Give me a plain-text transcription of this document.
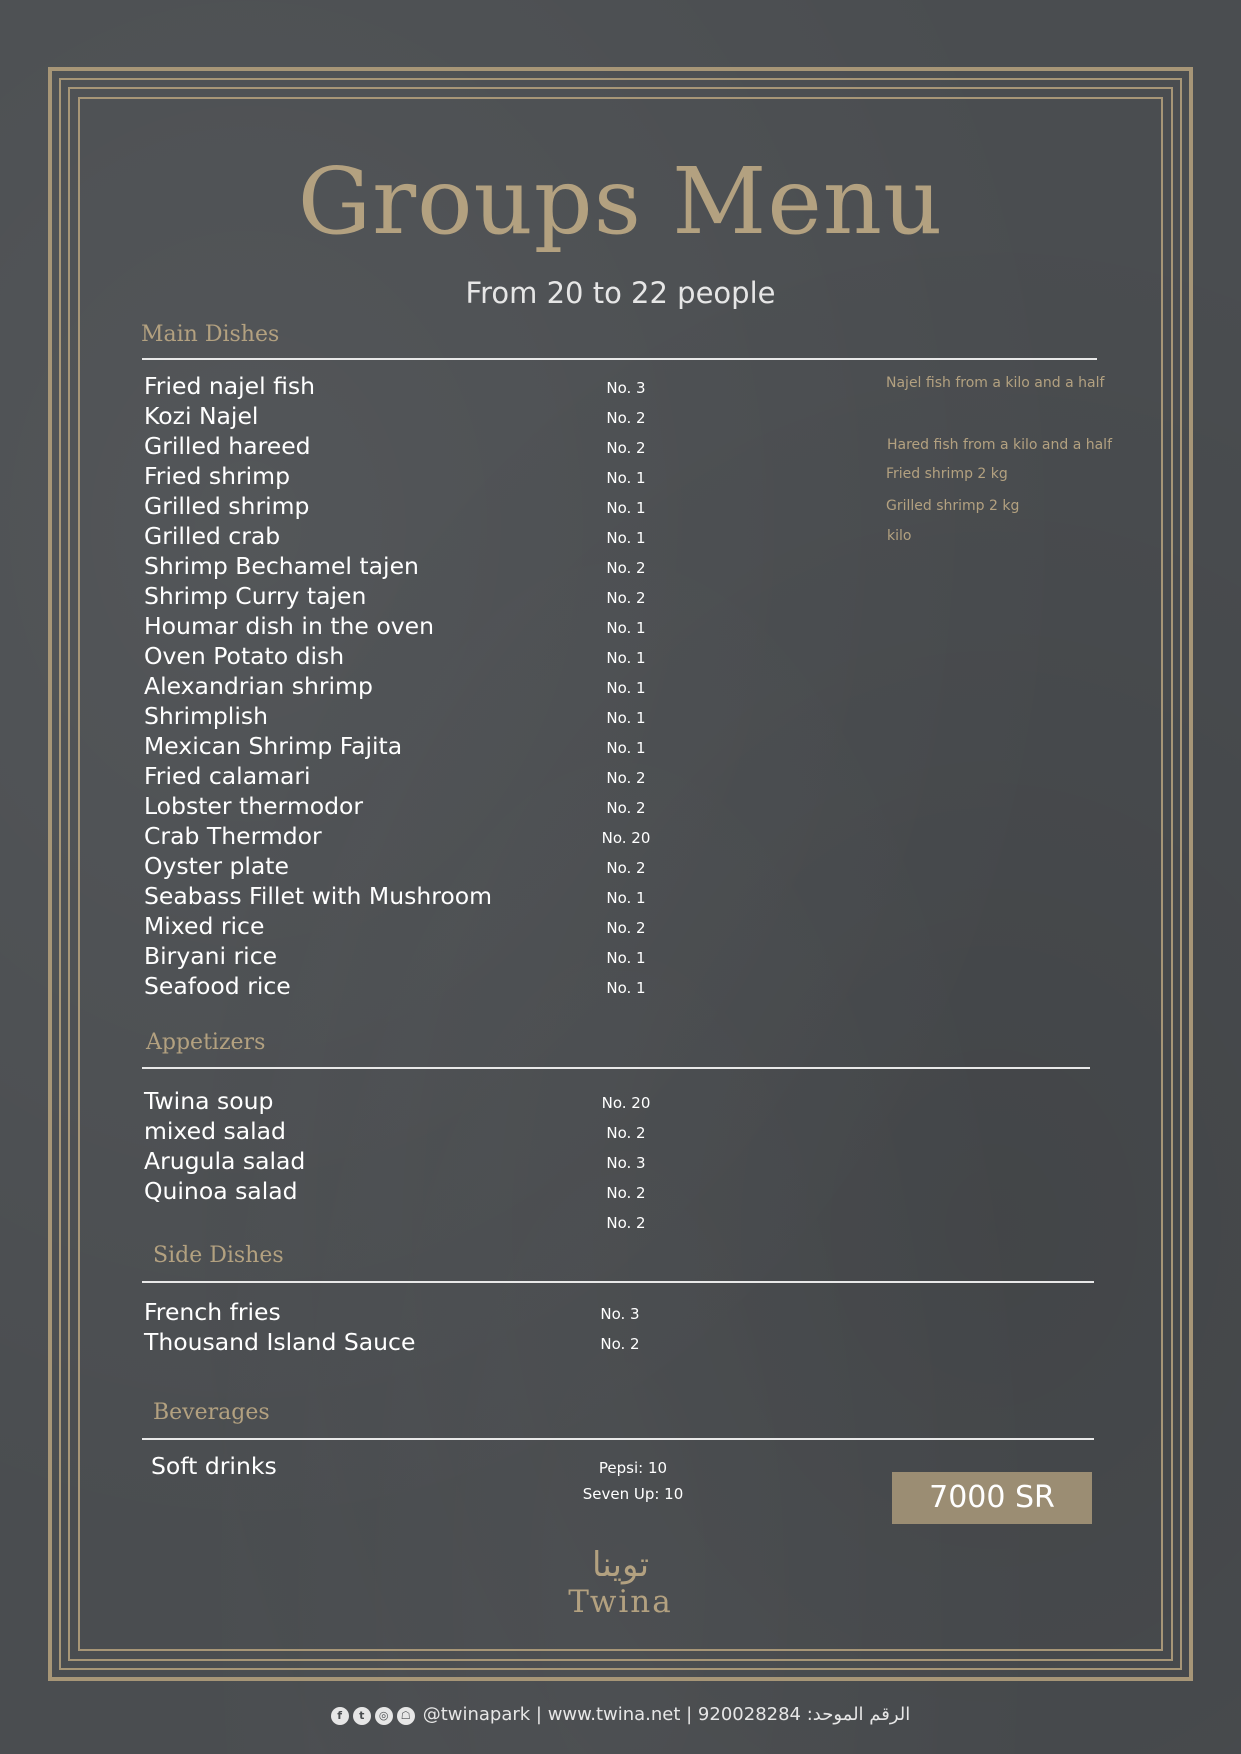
Groups Menu
From 20 to 22 people
Main Dishes
Fried najel fish	No. 3	Najel fish from a kilo and a half
Kozi Najel	No. 2
Grilled hareed	No. 2	Hared fish from a kilo and a half
Fried shrimp	No. 1	Fried shrimp 2 kg
Grilled shrimp	No. 1	Grilled shrimp 2 kg
Grilled crab	No. 1	kilo
Shrimp Bechamel tajen	No. 2
Shrimp Curry tajen	No. 2
Houmar dish in the oven	No. 1
Oven Potato dish	No. 1
Alexandrian shrimp	No. 1
Shrimplish	No. 1
Mexican Shrimp Fajita	No. 1
Fried calamari	No. 2
Lobster thermodor	No. 2
Crab Thermdor	No. 20
Oyster plate	No. 2
Seabass Fillet with Mushroom	No. 1
Mixed rice	No. 2
Biryani rice	No. 1
Seafood rice	No. 1
Appetizers
Twina soup	No. 20
mixed salad	No. 2
Arugula salad	No. 3
Quinoa salad	No. 2
No. 2
Side Dishes
French fries	No. 3
Thousand Island Sauce	No. 2
Beverages
Soft drinks	Pepsi: 10
Seven Up: 10	7000 SR
توينا
Twina
f t ◎ ☖ @twinapark | www.twina.net | 920028284 :الرقم الموحد
